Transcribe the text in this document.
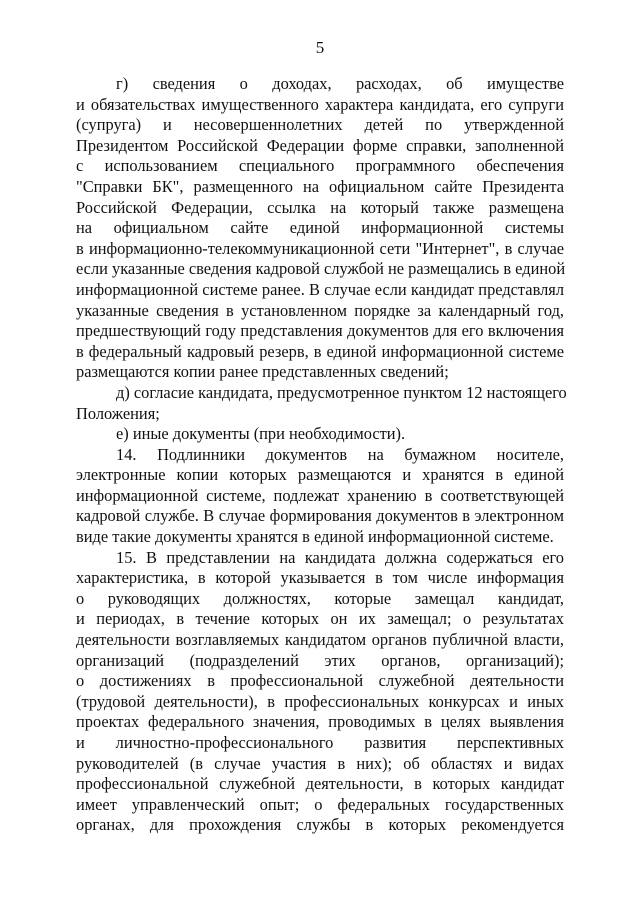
5
г) сведения о доходах, расходах, об имуществе
и обязательствах имущественного характера кандидата, его супруги
(супруга) и несовершеннолетних детей по утвержденной
Президентом Российской Федерации форме справки, заполненной
с использованием специального программного обеспечения
"Справки БК", размещенного на официальном сайте Президента
Российской Федерации, ссылка на который также размещена
на официальном сайте единой информационной системы
в информационно-телекоммуникационной сети "Интернет", в случае
если указанные сведения кадровой службой не размещались в единой
информационной системе ранее. В случае если кандидат представлял
указанные сведения в установленном порядке за календарный год,
предшествующий году представления документов для его включения
в федеральный кадровый резерв, в единой информационной системе
размещаются копии ранее представленных сведений;
д) согласие кандидата, предусмотренное пунктом 12 настоящего
Положения;
е) иные документы (при необходимости).
14. Подлинники документов на бумажном носителе,
электронные копии которых размещаются и хранятся в единой
информационной системе, подлежат хранению в соответствующей
кадровой службе. В случае формирования документов в электронном
виде такие документы хранятся в единой информационной системе.
15. В представлении на кандидата должна содержаться его
характеристика, в которой указывается в том числе информация
о руководящих должностях, которые замещал кандидат,
и периодах, в течение которых он их замещал; о результатах
деятельности возглавляемых кандидатом органов публичной власти,
организаций (подразделений этих органов, организаций);
о достижениях в профессиональной служебной деятельности
(трудовой деятельности), в профессиональных конкурсах и иных
проектах федерального значения, проводимых в целях выявления
и личностно-профессионального развития перспективных
руководителей (в случае участия в них); об областях и видах
профессиональной служебной деятельности, в которых кандидат
имеет управленческий опыт; о федеральных государственных
органах, для прохождения службы в которых рекомендуется
